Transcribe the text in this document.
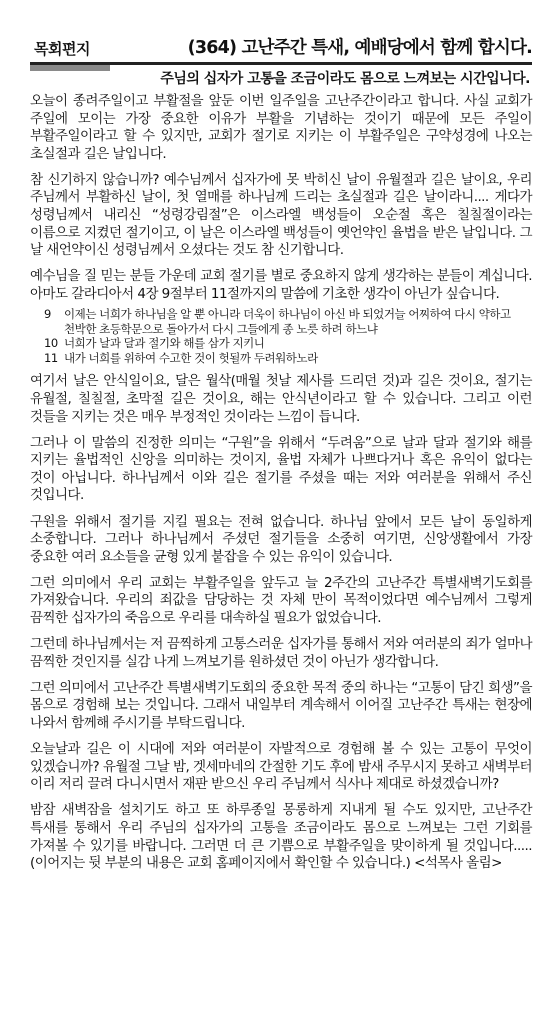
목회편지	(364) 고난주간 특새, 예배당에서 함께 합시다.
주님의 십자가 고통을 조금이라도 몸으로 느껴보는 시간입니다.

오늘이 종려주일이고 부활절을 앞둔 이번 일주일을 고난주간이라고 합니다. 사실 교회가 주일에 모이는 가장 중요한 이유가 부활을 기념하는 것이기 때문에 모든 주일이 부활주일이라고 할 수 있지만, 교회가 절기로 지키는 이 부활주일은 구약성경에 나오는 초실절과 길은 날입니다.

참 신기하지 않습니까? 예수님께서 십자가에 못 박히신 날이 유월절과 길은 날이요, 우리 주님께서 부활하신 날이, 첫 열매를 하나님께 드리는 초실절과 길은 날이라니.... 게다가 성령님께서 내리신 “성령강림절”은 이스라엘 백성들이 오순절 혹은 칠칠절이라는 이름으로 지켰던 절기이고, 이 날은 이스라엘 백성들이 옛언약인 율법을 받은 날입니다. 그 날 새언약이신 성령님께서 오셨다는 것도 참 신기합니다.

예수님을 질 믿는 분들 가운데 교회 절기를 별로 중요하지 않게 생각하는 분들이 계십니다. 아마도 갈라디아서 4장 9절부터 11절까지의 말씀에 기초한 생각이 아닌가 싶습니다.

9	이제는 너희가 하나님을 알 뿐 아니라 더욱이 하나님이 아신 바 되었거늘 어찌하여 다시 약하고 천박한 초등학문으로 돌아가서 다시 그들에게 종 노릇 하려 하느냐
10 너희가 날과 달과 절기와 해를 삼가 지키니
11 내가 너희를 위하여 수고한 것이 헛될까 두려워하노라

여기서 날은 안식일이요, 달은 월삭(매월 첫날 제사를 드리던 것)과 길은 것이요, 절기는 유월절, 칠칠절, 초막절 길은 것이요, 해는 안식년이라고 할 수 있습니다. 그리고 이런 것들을 지키는 것은 매우 부정적인 것이라는 느낌이 듭니다.

그러나 이 말씀의 진정한 의미는 “구원”을 위해서 “두려움”으로 날과 달과 절기와 해를 지키는 율법적인 신앙을 의미하는 것이지, 율법 자체가 나쁘다거나 혹은 유익이 없다는 것이 아닙니다. 하나님께서 이와 길은 절기를 주셨을 때는 저와 여러분을 위해서 주신 것입니다.

구원을 위해서 절기를 지킬 필요는 전혀 없습니다. 하나님 앞에서 모든 날이 동일하게 소중합니다. 그러나 하나님께서 주셨던 절기들을 소중히 여기면, 신앙생활에서 가장 중요한 여러 요소들을 균형 있게 붙잡을 수 있는 유익이 있습니다.

그런 의미에서 우리 교회는 부활주일을 앞두고 늘 2주간의 고난주간 특별새벽기도회를 가져왔습니다. 우리의 죄값을 담당하는 것 자체 만이 목적이었다면 예수님께서 그렇게 끔찍한 십자가의 죽음으로 우리를 대속하실 필요가 없었습니다.

그런데 하나님께서는 저 끔찍하게 고통스러운 십자가를 통해서 저와 여러분의 죄가 얼마나 끔찍한 것인지를 실감 나게 느껴보기를 원하셨던 것이 아닌가 생각합니다.

그런 의미에서 고난주간 특별새벽기도회의 중요한 목적 중의 하나는 “고통이 담긴 희생”을 몸으로 경험해 보는 것입니다. 그래서 내일부터 계속해서 이어질 고난주간 특새는 현장에 나와서 함께해 주시기를 부탁드립니다.

오늘날과 길은 이 시대에 저와 여러분이 자발적으로 경험해 볼 수 있는 고통이 무엇이 있겠습니까? 유월절 그날 밤, 겟세마네의 간절한 기도 후에 밤새 주무시지 못하고 새벽부터 이리 저리 끌려 다니시면서 재판 받으신 우리 주님께서 식사나 제대로 하셨겠습니까?

밤잠 새벽잠을 설치기도 하고 또 하루종일 몽롱하게 지내게 될 수도 있지만, 고난주간 특새를 통해서 우리 주님의 십자가의 고통을 조금이라도 몸으로 느껴보는 그런 기회를 가져볼 수 있기를 바랍니다. 그러면 더 큰 기쁨으로 부활주일을 맞이하게 될 것입니다..... (이어지는 뒷 부분의 내용은 교회 홈페이지에서 확인할 수 있습니다.) <석목사 올림>
